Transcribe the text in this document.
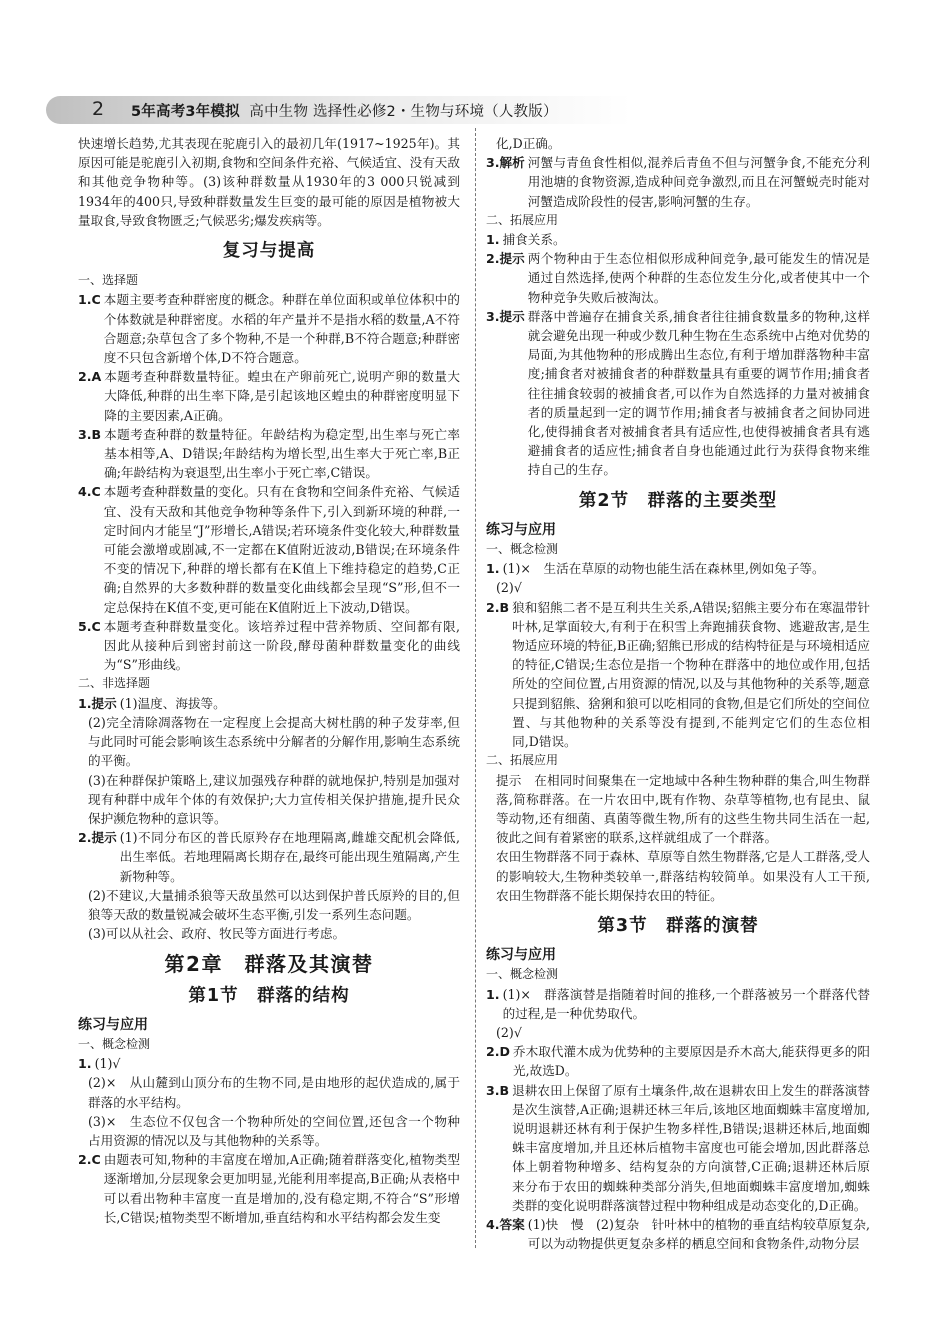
2 5年高考3年模拟 高中生物 选择性必修2・生物与环境（人教版）

快速增长趋势,尤其表现在驼鹿引入的最初几年(1917~1925年)。其原因可能是驼鹿引入初期,食物和空间条件充裕、气候适宜、没有天敌和其他竞争物种等。(3)该种群数量从1930年的3 000只锐减到1934年的400只,导致种群数量发生巨变的最可能的原因是植物被大量取食,导致食物匮乏;气候恶劣;爆发疾病等。

复习与提高

一、选择题

1.C 本题主要考查种群密度的概念。种群在单位面积或单位体积中的个体数就是种群密度。水稻的年产量并不是指水稻的数量,A不符合题意;杂草包含了多个物种,不是一个种群,B不符合题意;种群密度不只包含新增个体,D不符合题意。
2.A 本题考查种群数量特征。蝗虫在产卵前死亡,说明产卵的数量大大降低,种群的出生率下降,是引起该地区蝗虫的种群密度明显下降的主要因素,A正确。
3.B 本题考查种群的数量特征。年龄结构为稳定型,出生率与死亡率基本相等,A、D错误;年龄结构为增长型,出生率大于死亡率,B正确;年龄结构为衰退型,出生率小于死亡率,C错误。
4.C 本题考查种群数量的变化。只有在食物和空间条件充裕、气候适宜、没有天敌和其他竞争物种等条件下,引入到新环境的种群,一定时间内才能呈“J”形增长,A错误;若环境条件变化较大,种群数量可能会激增或剧减,不一定都在K值附近波动,B错误;在环境条件不变的情况下,种群的增长都有在K值上下维持稳定的趋势,C正确;自然界的大多数种群的数量变化曲线都会呈现“S”形,但不一定总保持在K值不变,更可能在K值附近上下波动,D错误。
5.C 本题考查种群数量变化。该培养过程中营养物质、空间都有限,因此从接种后到密封前这一阶段,酵母菌种群数量变化的曲线为“S”形曲线。

二、非选择题

1.提示 (1)温度、海拔等。

(2)完全清除凋落物在一定程度上会提高大树杜鹃的种子发芽率,但与此同时可能会影响该生态系统中分解者的分解作用,影响生态系统的平衡。

(3)在种群保护策略上,建议加强残存种群的就地保护,特别是加强对现有种群中成年个体的有效保护;大力宣传相关保护措施,提升民众保护濒危物种的意识等。

2.提示 (1)不同分布区的普氏原羚存在地理隔离,雌雄交配机会降低,出生率低。若地理隔离长期存在,最终可能出现生殖隔离,产生新物种等。

(2)不建议,大量捕杀狼等天敌虽然可以达到保护普氏原羚的目的,但狼等天敌的数量锐减会破坏生态平衡,引发一系列生态问题。

(3)可以从社会、政府、牧民等方面进行考虑。

第2章　群落及其演替
第1节　群落的结构

练习与应用

一、概念检测

1. (1)√

(2)×　从山麓到山顶分布的生物不同,是由地形的起伏造成的,属于群落的水平结构。

(3)×　生态位不仅包含一个物种所处的空间位置,还包含一个物种占用资源的情况以及与其他物种的关系等。

2.C 由题表可知,物种的丰富度在增加,A正确;随着群落变化,植物类型逐渐增加,分层现象会更加明显,光能利用率提高,B正确;从表格中可以看出物种丰富度一直是增加的,没有稳定期,不符合“S”形增长,C错误;植物类型不断增加,垂直结构和水平结构都会发生变

化,D正确。

3.解析 河蟹与青鱼食性相似,混养后青鱼不但与河蟹争食,不能充分利用池塘的食物资源,造成种间竞争激烈,而且在河蟹蜕壳时能对河蟹造成阶段性的侵害,影响河蟹的生存。

二、拓展应用

1. 捕食关系。
2.提示 两个物种由于生态位相似形成种间竞争,最可能发生的情况是通过自然选择,使两个种群的生态位发生分化,或者使其中一个物种竞争失败后被淘汰。
3.提示 群落中普遍存在捕食关系,捕食者往往捕食数量多的物种,这样就会避免出现一种或少数几种生物在生态系统中占绝对优势的局面,为其他物种的形成腾出生态位,有利于增加群落物种丰富度;捕食者对被捕食者的种群数量具有重要的调节作用;捕食者往往捕食较弱的被捕食者,可以作为自然选择的力量对被捕食者的质量起到一定的调节作用;捕食者与被捕食者之间协同进化,使得捕食者对被捕食者具有适应性,也使得被捕食者具有逃避捕食者的适应性;捕食者自身也能通过此行为获得食物来维持自己的生存。
第2节　群落的主要类型

练习与应用

一、概念检测

1. (1)×　生活在草原的动物也能生活在森林里,例如兔子等。

(2)√

2.B 狼和貂熊二者不是互利共生关系,A错误;貂熊主要分布在寒温带针叶林,足掌面较大,有利于在积雪上奔跑捕获食物、逃避敌害,是生物适应环境的特征,B正确;貂熊已形成的结构特征是与环境相适应的特征,C错误;生态位是指一个物种在群落中的地位或作用,包括所处的空间位置,占用资源的情况,以及与其他物种的关系等,题意只提到貂熊、猞猁和狼可以吃相同的食物,但是它们所处的空间位置、与其他物种的关系等没有提到,不能判定它们的生态位相同,D错误。

二、拓展应用

提示　在相同时间聚集在一定地域中各种生物种群的集合,叫生物群落,简称群落。在一片农田中,既有作物、杂草等植物,也有昆虫、鼠等动物,还有细菌、真菌等微生物,所有的这些生物共同生活在一起,彼此之间有着紧密的联系,这样就组成了一个群落。

农田生物群落不同于森林、草原等自然生物群落,它是人工群落,受人的影响较大,生物种类较单一,群落结构较简单。如果没有人工干预,农田生物群落不能长期保持农田的特征。

第3节　群落的演替

练习与应用

一、概念检测

1. (1)×　群落演替是指随着时间的推移,一个群落被另一个群落代替的过程,是一种优势取代。

(2)√

2.D 乔木取代灌木成为优势种的主要原因是乔木高大,能获得更多的阳光,故选D。
3.B 退耕农田上保留了原有土壤条件,故在退耕农田上发生的群落演替是次生演替,A正确;退耕还林三年后,该地区地面蜘蛛丰富度增加,说明退耕还林有利于保护生物多样性,B错误;退耕还林后,地面蜘蛛丰富度增加,并且还林后植物丰富度也可能会增加,因此群落总体上朝着物种增多、结构复杂的方向演替,C正确;退耕还林后原来分布于农田的蜘蛛种类部分消失,但地面蜘蛛丰富度增加,蜘蛛类群的变化说明群落演替过程中物种组成是动态变化的,D正确。
4.答案 (1)快　慢　(2)复杂　针叶林中的植物的垂直结构较草原复杂,可以为动物提供更复杂多样的栖息空间和食物条件,动物分层
